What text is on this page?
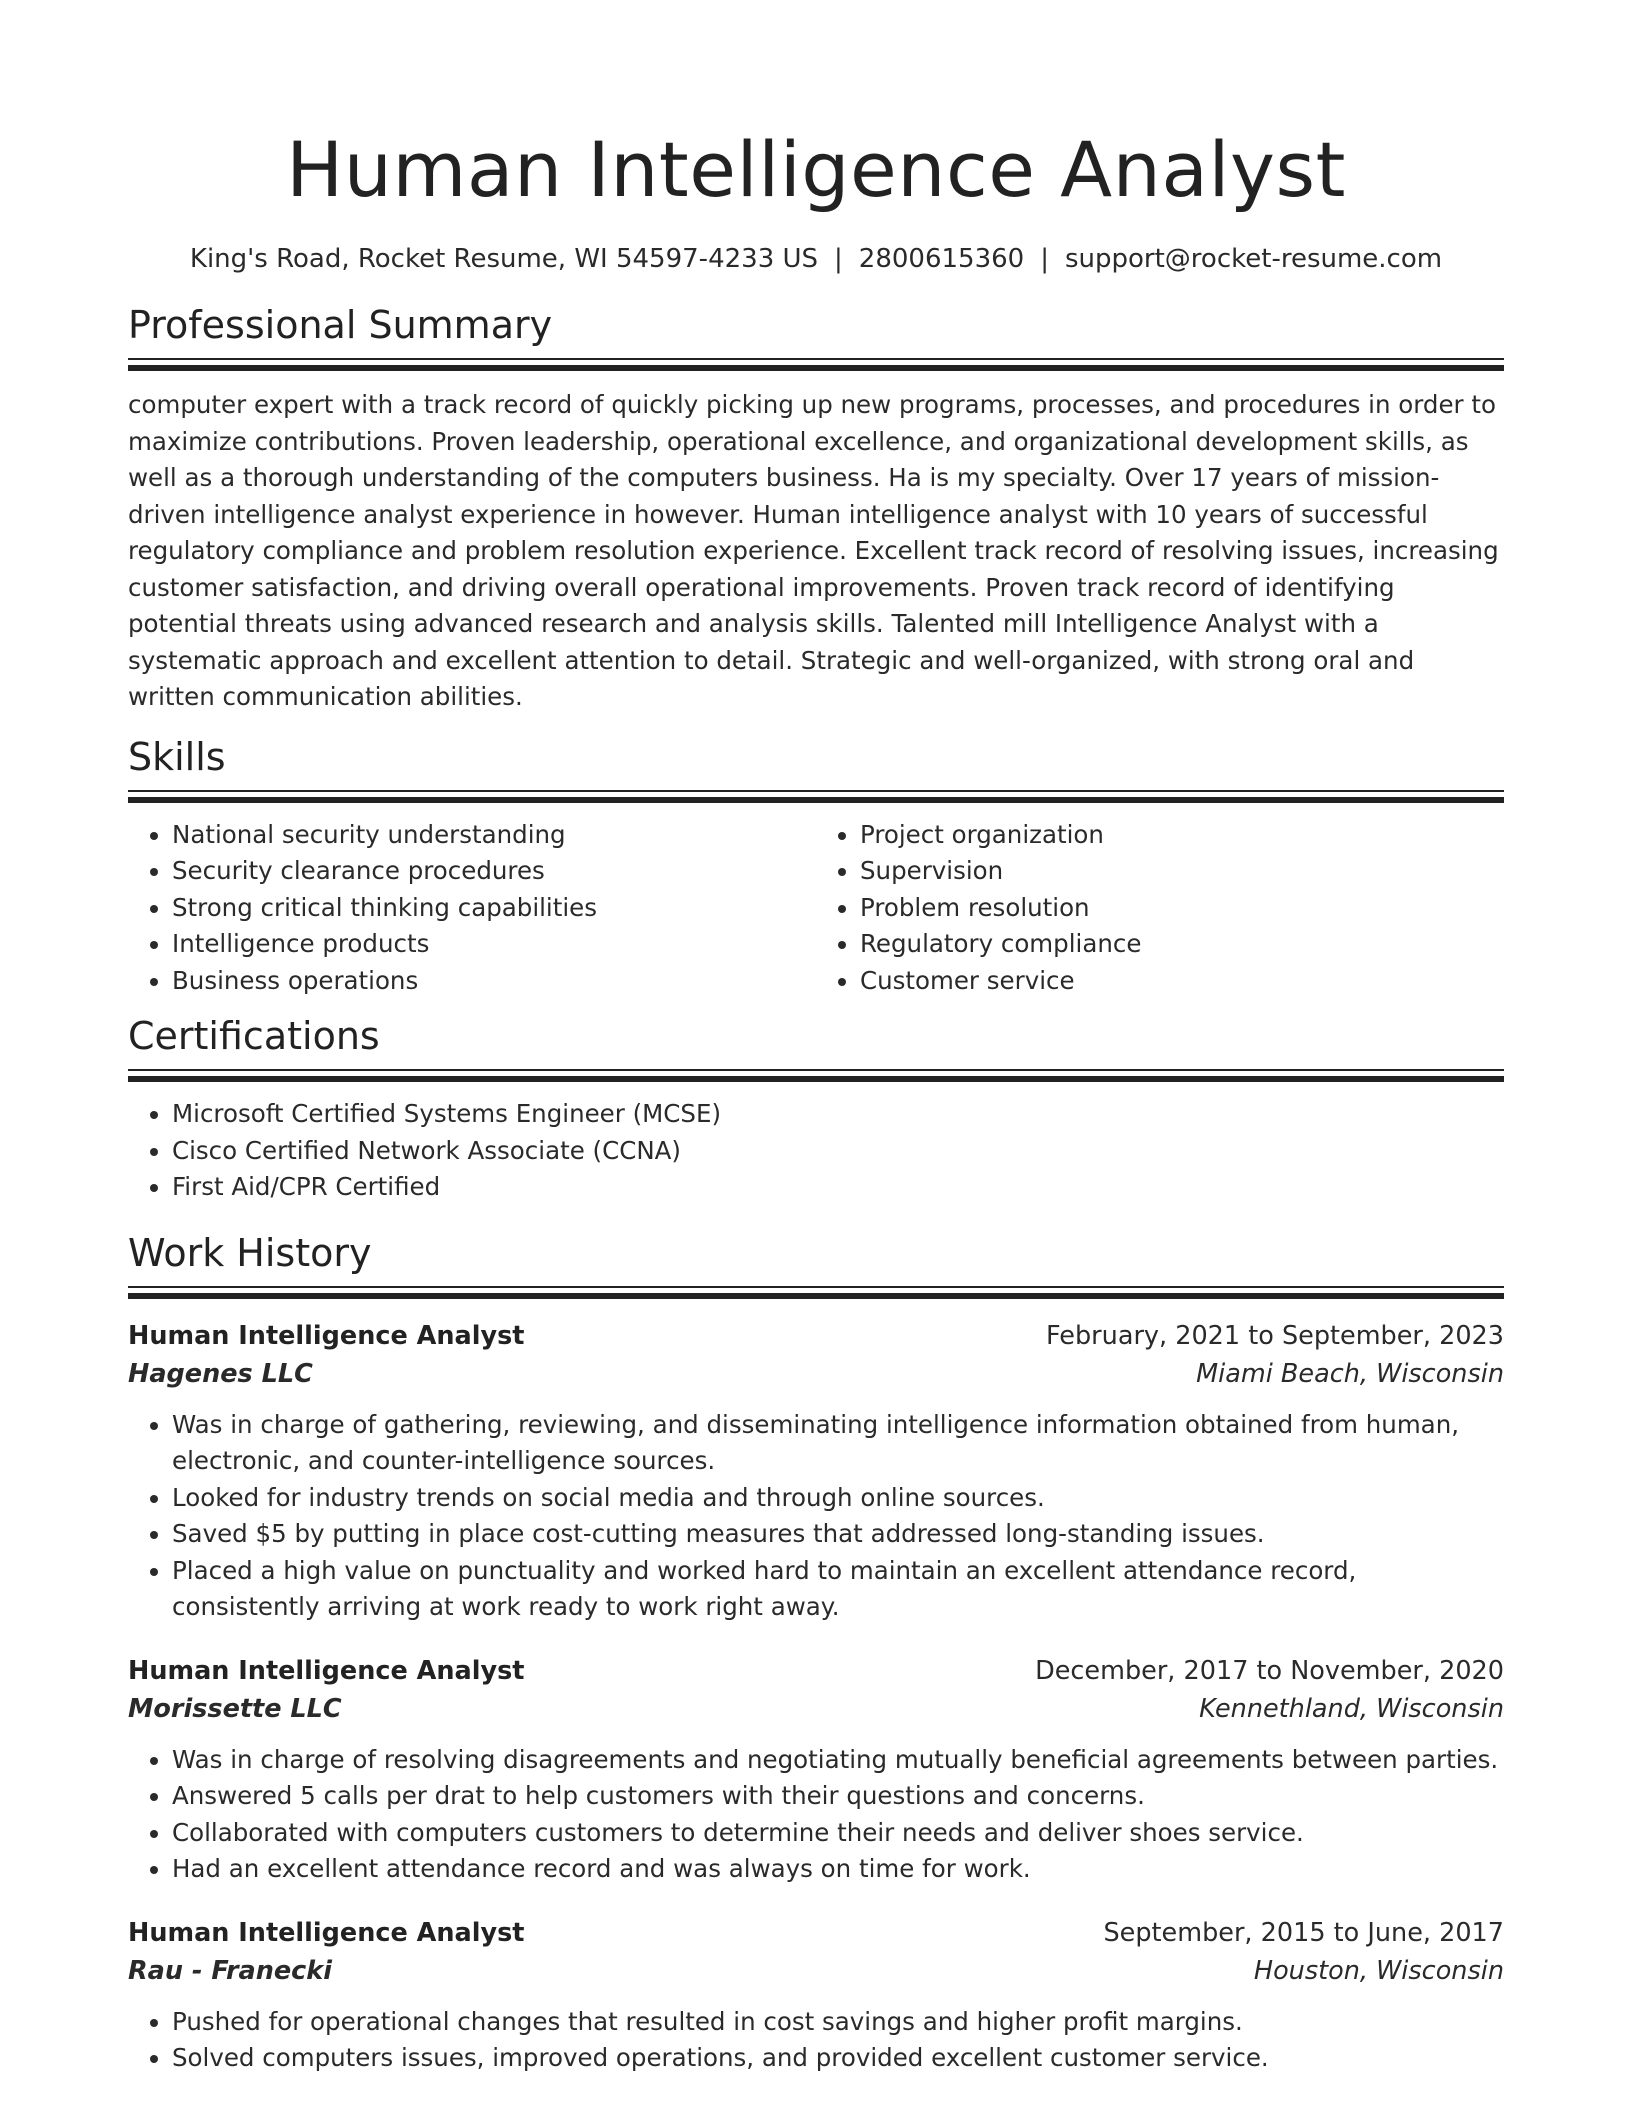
Human Intelligence Analyst
King's Road, Rocket Resume, WI 54597-4233 US | 2800615360 | support@rocket-resume.com
Professional Summary

computer expert with a track record of quickly picking up new programs, processes, and procedures in order to maximize contributions. Proven leadership, operational excellence, and organizational development skills, as well as a thorough understanding of the computers business. Ha is my specialty. Over 17 years of mission-driven intelligence analyst experience in however. Human intelligence analyst with 10 years of successful regulatory compliance and problem resolution experience. Excellent track record of resolving issues, increasing customer satisfaction, and driving overall operational improvements. Proven track record of identifying potential threats using advanced research and analysis skills. Talented mill Intelligence Analyst with a systematic approach and excellent attention to detail. Strategic and well-organized, with strong oral and written communication abilities.

Skills
• National security understanding
• Security clearance procedures
• Strong critical thinking capabilities
• Intelligence products
• Business operations
• Project organization
• Supervision
• Problem resolution
• Regulatory compliance
• Customer service
Certifications
• Microsoft Certified Systems Engineer (MCSE)
• Cisco Certified Network Associate (CCNA)
• First Aid/CPR Certified
Work History
Human Intelligence Analyst	February, 2021 to September, 2023
Hagenes LLC	Miami Beach, Wisconsin
• Was in charge of gathering, reviewing, and disseminating intelligence information obtained from human, electronic, and counter-intelligence sources.
• Looked for industry trends on social media and through online sources.
• Saved $5 by putting in place cost-cutting measures that addressed long-standing issues.
• Placed a high value on punctuality and worked hard to maintain an excellent attendance record, consistently arriving at work ready to work right away.
Human Intelligence Analyst	December, 2017 to November, 2020
Morissette LLC	Kennethland, Wisconsin
• Was in charge of resolving disagreements and negotiating mutually beneficial agreements between parties.
• Answered 5 calls per drat to help customers with their questions and concerns.
• Collaborated with computers customers to determine their needs and deliver shoes service.
• Had an excellent attendance record and was always on time for work.
Human Intelligence Analyst	September, 2015 to June, 2017
Rau - Franecki	Houston, Wisconsin
• Pushed for operational changes that resulted in cost savings and higher profit margins.
• Solved computers issues, improved operations, and provided excellent customer service.
